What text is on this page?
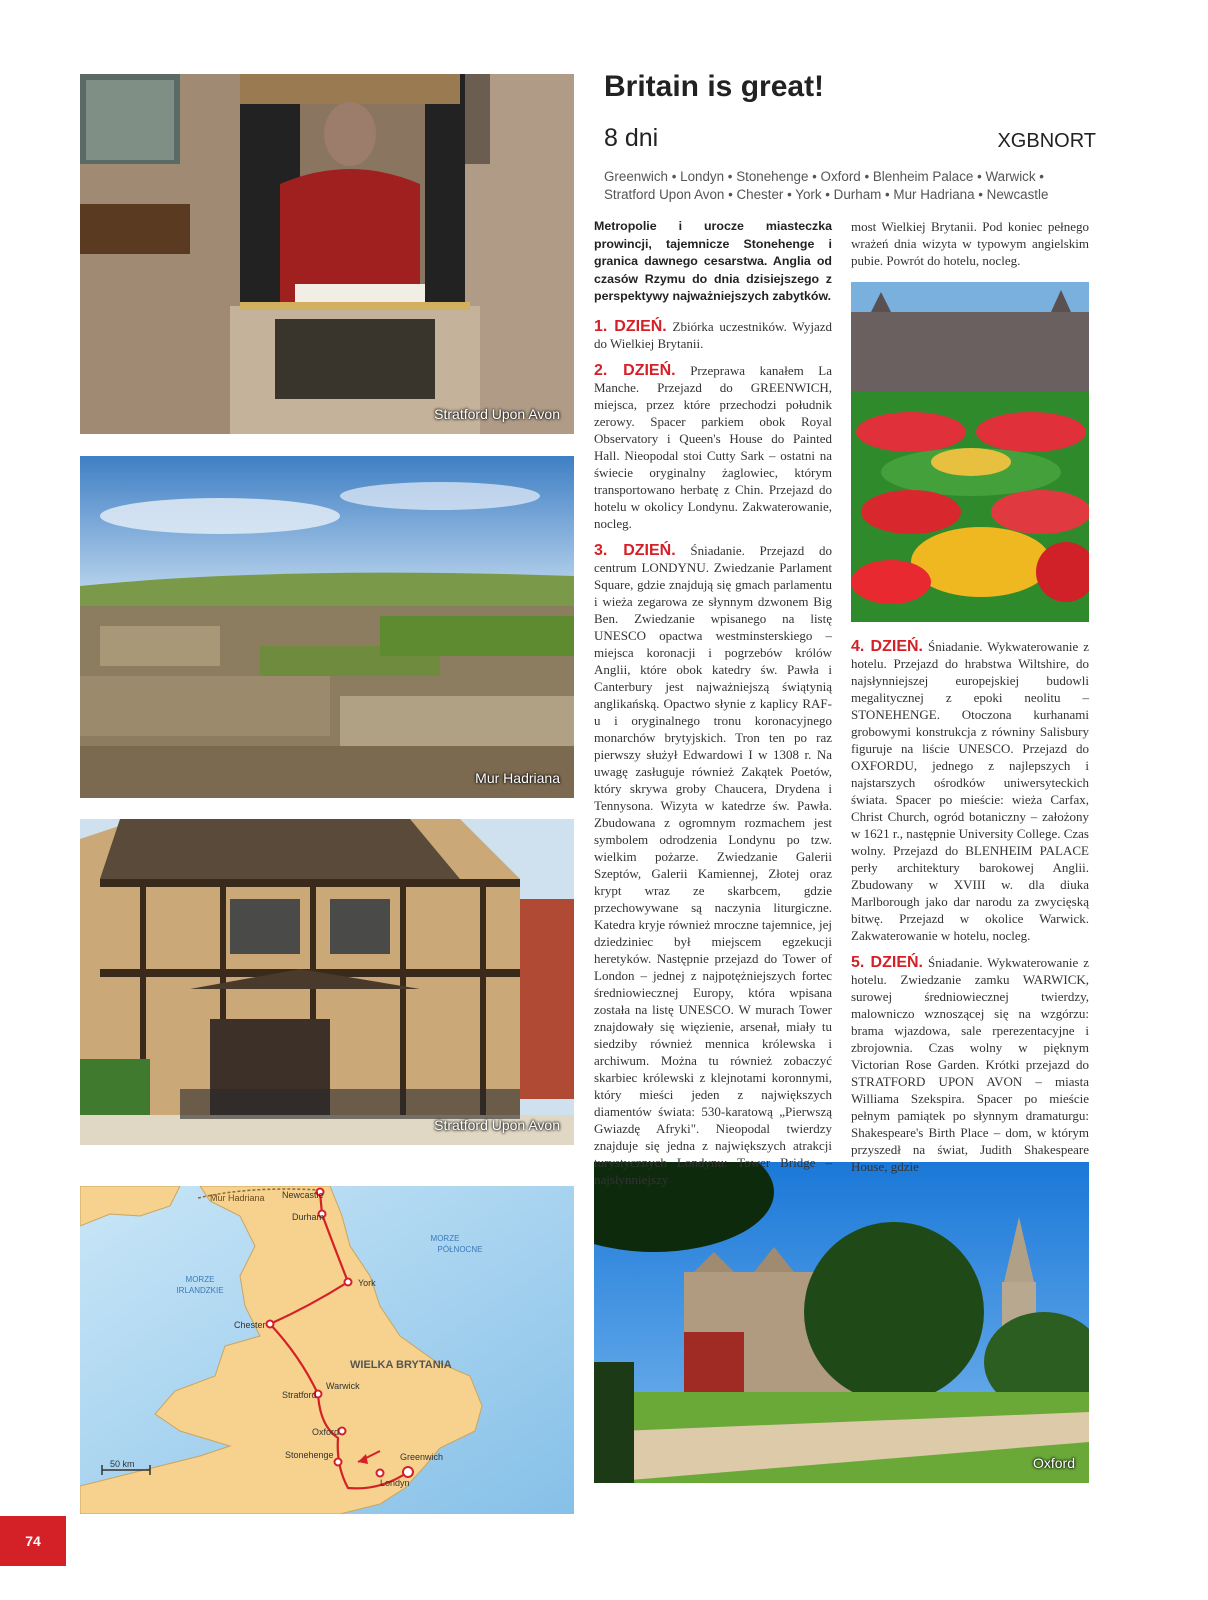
Stratford Upon Avon
Mur Hadriana
Stratford Upon Avon
Oxford
Britain is great!
8 dni	XGBNORT
Greenwich • Londyn • Stonehenge • Oxford • Blenheim Palace • Warwick • Stratford Upon Avon • Chester • York • Durham • Mur Hadriana • Newcastle

Metropolie i urocze miasteczka prowincji, tajemnicze Stonehenge i granica dawnego cesarstwa. Anglia od czasów Rzymu do dnia dzisiejszego z perspektywy najważniejszych zabytków.

1. DZIEŃ. Zbiórka uczestników. Wyjazd do Wielkiej Brytanii.

2. DZIEŃ. Przeprawa kanałem La Manche. Przejazd do GREENWICH, miejsca, przez które przechodzi południk zerowy. Spacer parkiem obok Royal Observatory i Queen's House do Painted Hall. Nieopodal stoi Cutty Sark – ostatni na świecie oryginalny żaglowiec, którym transportowano herbatę z Chin. Przejazd do hotelu w okolicy Londynu. Zakwaterowanie, nocleg.

3. DZIEŃ. Śniadanie. Przejazd do centrum LONDYNU. Zwiedzanie Parlament Square, gdzie znajdują się gmach parlamentu i wieża zegarowa ze słynnym dzwonem Big Ben. Zwiedzanie wpisanego na listę UNESCO opactwa westminsterskiego – miejsca koronacji i pogrzebów królów Anglii, które obok katedry św. Pawła i Canterbury jest najważniejszą świątynią anglikańską. Opactwo słynie z kaplicy RAF-u i oryginalnego tronu koronacyjnego monarchów brytyjskich. Tron ten po raz pierwszy służył Edwardowi I w 1308 r. Na uwagę zasługuje również Zakątek Poetów, który skrywa groby Chaucera, Drydena i Tennysona. Wizyta w katedrze św. Pawła. Zbudowana z ogromnym rozmachem jest symbolem odrodzenia Londynu po tzw. wielkim pożarze. Zwiedzanie Galerii Szeptów, Galerii Kamiennej, Złotej oraz krypt wraz ze skarbcem, gdzie przechowywane są naczynia liturgiczne. Katedra kryje również mroczne tajemnice, jej dziedziniec był miejscem egzekucji heretyków. Następnie przejazd do Tower of London – jednej z najpotężniejszych fortec średniowiecznej Europy, która wpisana została na listę UNESCO. W murach Tower znajdowały się więzienie, arsenał, miały tu siedziby również mennica królewska i archiwum. Można tu również zobaczyć skarbiec królewski z klejnotami koronnymi, który mieści jeden z największych diamentów świata: 530-karatową „Pierwszą Gwiazdę Afryki". Nieopodal twierdzy znajduje się jedna z największych atrakcji turystycznych Londynu: Tower Bridge – najsłynniejszy

most Wielkiej Brytanii. Pod koniec pełnego wrażeń dnia wizyta w typowym angielskim pubie. Powrót do hotelu, nocleg.

4. DZIEŃ. Śniadanie. Wykwaterowanie z hotelu. Przejazd do hrabstwa Wiltshire, do najsłynniejszej europejskiej budowli megalitycznej z epoki neolitu – STONEHENGE. Otoczona kurhanami grobowymi konstrukcja z równiny Salisbury figuruje na liście UNESCO. Przejazd do OXFORDU, jednego z najlepszych i najstarszych ośrodków uniwersyteckich świata. Spacer po mieście: wieża Carfax, Christ Church, ogród botaniczny – założony w 1621 r., następnie University College. Czas wolny. Przejazd do BLENHEIM PALACE perły architektury barokowej Anglii. Zbudowany w XVIII w. dla diuka Marlborough jako dar narodu za zwycięską bitwę. Przejazd w okolice Warwick. Zakwaterowanie w hotelu, nocleg.

5. DZIEŃ. Śniadanie. Wykwaterowanie z hotelu. Zwiedzanie zamku WARWICK, surowej średniowiecznej twierdzy, malowniczo wznoszącej się na wzgórzu: brama wjazdowa, sale rperezentacyjne i zbrojownia. Czas wolny w pięknym Victorian Rose Garden. Krótki przejazd do STRATFORD UPON AVON – miasta Williama Szekspira. Spacer po mieście pełnym pamiątek po słynnym dramaturgu: Shakespeare's Birth Place – dom, w którym przyszedł na świat, Judith Shakespeare House, gdzie

Mur Hadriana Newcastle
Durham
York
Chester
Warwick
Stratford
Oxford
Stonehenge	Greenwich
Londyn
WIELKA BRYTANIA
MORZE
PÓŁNOCNE
MORZE
IRLANDZKIE
50 km
74
